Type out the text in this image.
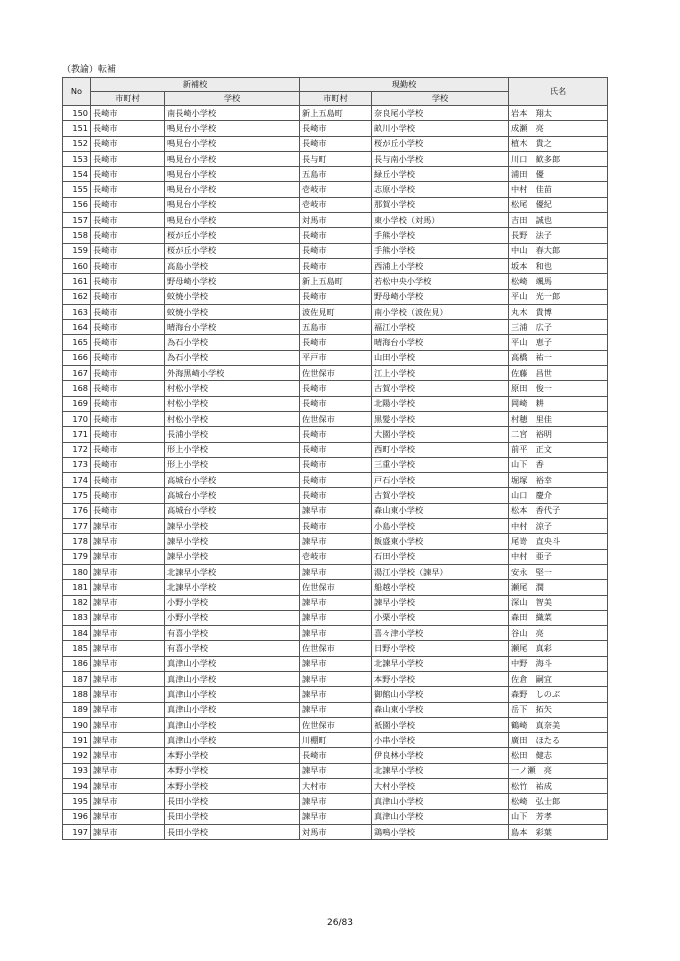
（教諭）転補
No	新補校		現勤校		氏名
	市町村	学校	市町村	学校	
150	長崎市	南長崎小学校	新上五島町	奈良尾小学校	岩本　翔太
151	長崎市	鳴見台小学校	長崎市	畝川小学校	成瀬　亮
152	長崎市	鳴見台小学校	長崎市	桜が丘小学校	植木　貴之
153	長崎市	鳴見台小学校	長与町	長与南小学校	川口　歓多郎
154	長崎市	鳴見台小学校	五島市	緑丘小学校	浦田　優
155	長崎市	鳴見台小学校	壱岐市	志原小学校	中村　佳苗
156	長崎市	鳴見台小学校	壱岐市	那賀小学校	松尾　優紀
157	長崎市	鳴見台小学校	対馬市	東小学校（対馬）	吉田　誠也
158	長崎市	桜が丘小学校	長崎市	手熊小学校	長野　法子
159	長崎市	桜が丘小学校	長崎市	手熊小学校	中山　春大郎
160	長崎市	高島小学校	長崎市	西浦上小学校	坂本　和也
161	長崎市	野母崎小学校	新上五島町	若松中央小学校	松崎　颯馬
162	長崎市	蚊焼小学校	長崎市	野母崎小学校	平山　光一郎
163	長崎市	蚊焼小学校	波佐見町	南小学校（波佐見）	丸木　貴博
164	長崎市	晴海台小学校	五島市	福江小学校	三浦　広子
165	長崎市	為石小学校	長崎市	晴海台小学校	平山　恵子
166	長崎市	為石小学校	平戸市	山田小学校	高橋　祐一
167	長崎市	外海黒崎小学校	佐世保市	江上小学校	佐藤　昌世
168	長崎市	村松小学校	長崎市	古賀小学校	原田　俊一
169	長崎市	村松小学校	長崎市	北陽小学校	岡崎　耕
170	長崎市	村松小学校	佐世保市	黒髪小学校	村穂　里佳
171	長崎市	長浦小学校	長崎市	大園小学校	二宮　裕明
172	長崎市	形上小学校	長崎市	西町小学校	前平　正文
173	長崎市	形上小学校	長崎市	三重小学校	山下　香
174	長崎市	高城台小学校	長崎市	戸石小学校	堀塚　裕幸
175	長崎市	高城台小学校	長崎市	古賀小学校	山口　慶介
176	長崎市	高城台小学校	諫早市	森山東小学校	松本　香代子
177	諫早市	諫早小学校	長崎市	小島小学校	中村　涼子
178	諫早市	諫早小学校	諫早市	飯盛東小学校	尾嵜　直央斗
179	諫早市	諫早小学校	壱岐市	石田小学校	中村　亜子
180	諫早市	北諫早小学校	諫早市	湯江小学校（諫早）	安永　堅一
181	諫早市	北諫早小学校	佐世保市	船越小学校	瀬尾　潤
182	諫早市	小野小学校	諫早市	諫早小学校	深山　智美
183	諫早市	小野小学校	諫早市	小栗小学校	森田　織菜
184	諫早市	有喜小学校	諫早市	喜々津小学校	谷山　亮
185	諫早市	有喜小学校	佐世保市	日野小学校	瀬尾　真彩
186	諫早市	真津山小学校	諫早市	北諫早小学校	中野　海斗
187	諫早市	真津山小学校	諫早市	本野小学校	佐倉　嗣宜
188	諫早市	真津山小学校	諫早市	御館山小学校	森野　しのぶ
189	諫早市	真津山小学校	諫早市	森山東小学校	岳下　拓矢
190	諫早市	真津山小学校	佐世保市	祇園小学校	鶴崎　真奈美
191	諫早市	真津山小学校	川棚町	小串小学校	廣田　ほたる
192	諫早市	本野小学校	長崎市	伊良林小学校	松田　健志
193	諫早市	本野小学校	諫早市	北諫早小学校	一ノ瀬　亮
194	諫早市	本野小学校	大村市	大村小学校	松竹　祐成
195	諫早市	長田小学校	諫早市	真津山小学校	松崎　弘士郎
196	諫早市	長田小学校	諫早市	真津山小学校	山下　芳孝
197	諫早市	長田小学校	対馬市	鶏鳴小学校	島本　彩葉
26/83
